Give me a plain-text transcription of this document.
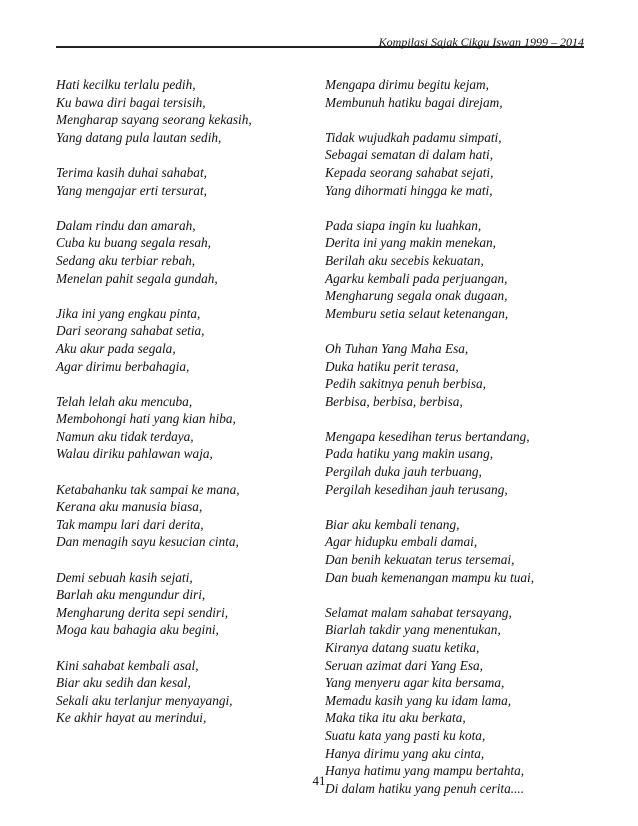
Kompilasi Sajak Cikgu Iswan 1999 – 2014
Hati kecilku terlalu pedih,
Ku bawa diri bagai tersisih,
Mengharap sayang seorang kekasih,
Yang datang pula lautan sedih,
Terima kasih duhai sahabat,
Yang mengajar erti tersurat,
Dalam rindu dan amarah,
Cuba ku buang segala resah,
Sedang aku terbiar rebah,
Menelan pahit segala gundah,
Jika ini yang engkau pinta,
Dari seorang sahabat setia,
Aku akur pada segala,
Agar dirimu berbahagia,
Telah lelah aku mencuba,
Membohongi hati yang kian hiba,
Namun aku tidak terdaya,
Walau diriku pahlawan waja,
Ketabahanku tak sampai ke mana,
Kerana aku manusia biasa,
Tak mampu lari dari derita,
Dan menagih sayu kesucian cinta,
Demi sebuah kasih sejati,
Barlah aku mengundur diri,
Mengharung derita sepi sendiri,
Moga kau bahagia aku begini,
Kini sahabat kembali asal,
Biar aku sedih dan kesal,
Sekali aku terlanjur menyayangi,
Ke akhir hayat au merindui,
Mengapa dirimu begitu kejam,
Membunuh hatiku bagai direjam,
Tidak wujudkah padamu simpati,
Sebagai sematan di dalam hati,
Kepada seorang sahabat sejati,
Yang dihormati hingga ke mati,
Pada siapa ingin ku luahkan,
Derita ini yang makin menekan,
Berilah aku secebis kekuatan,
Agarku kembali pada perjuangan,
Mengharung segala onak dugaan,
Memburu setia selaut ketenangan,
Oh Tuhan Yang Maha Esa,
Duka hatiku perit terasa,
Pedih sakitnya penuh berbisa,
Berbisa, berbisa, berbisa,
Mengapa kesedihan terus bertandang,
Pada hatiku yang makin usang,
Pergilah duka jauh terbuang,
Pergilah kesedihan jauh terusang,
Biar aku kembali tenang,
Agar hidupku embali damai,
Dan benih kekuatan terus tersemai,
Dan buah kemenangan mampu ku tuai,
Selamat malam sahabat tersayang,
Biarlah takdir yang menentukan,
Kiranya datang suatu ketika,
Seruan azimat dari Yang Esa,
Yang menyeru agar kita bersama,
Memadu kasih yang ku idam lama,
Maka tika itu aku berkata,
Suatu kata yang pasti ku kota,
Hanya dirimu yang aku cinta,
Hanya hatimu yang mampu bertahta,
Di dalam hatiku yang penuh cerita....
41
